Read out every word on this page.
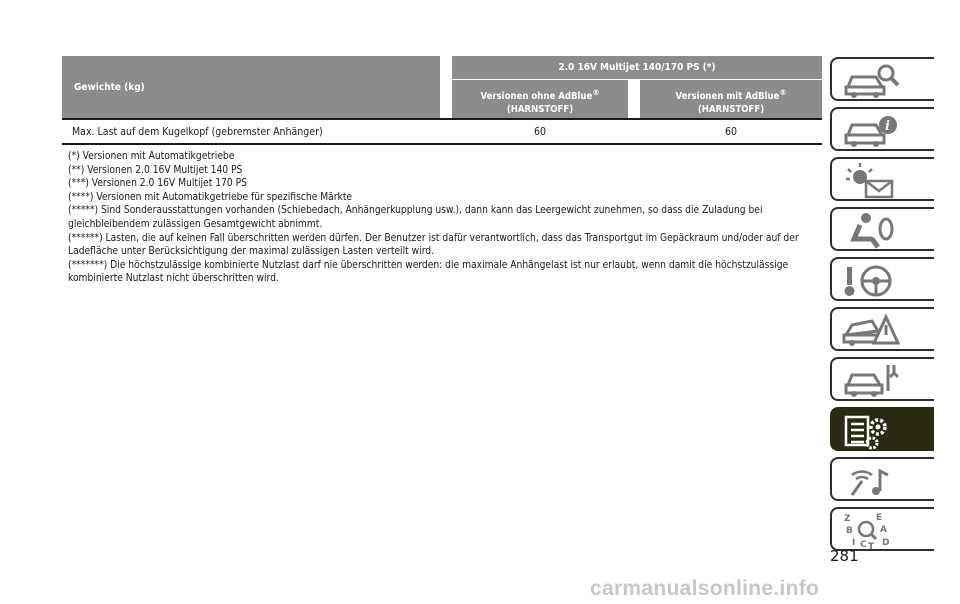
Gewichte (kg)
2.0 16V Multijet 140/170 PS (*)
Versionen ohne AdBlue®
(HARNSTOFF)
Versionen mit AdBlue®
(HARNSTOFF)
Max. Last auf dem Kugelkopf (gebremster Anhänger)	60	60

(*) Versionen mit Automatikgetriebe

(**) Versionen 2.0 16V Multijet 140 PS

(***) Versionen 2.0 16V Multijet 170 PS

(****) Versionen mit Automatikgetriebe für spezifische Märkte

(*****) Sind Sonderausstattungen vorhanden (Schiebedach, Anhängerkupplung usw.), dann kann das Leergewicht zunehmen, so dass die Zuladung bei gleichbleibendem zulässigen Gesamtgewicht abnimmt.

(******) Lasten, die auf keinen Fall überschritten werden dürfen. Der Benutzer ist dafür verantwortlich, dass das Transportgut im Gepäckraum und/oder auf der Ladefläche unter Berücksichtigung der maximal zulässigen Lasten verteilt wird.

(*******) Die höchstzulässige kombinierte Nutzlast darf nie überschritten werden: die maximale Anhängelast ist nur erlaubt, wenn damit die höchstzulässige kombinierte Nutzlast nicht überschritten wird.

i
Z	E
B	A
I C T D
281
carmanualsonline.info
